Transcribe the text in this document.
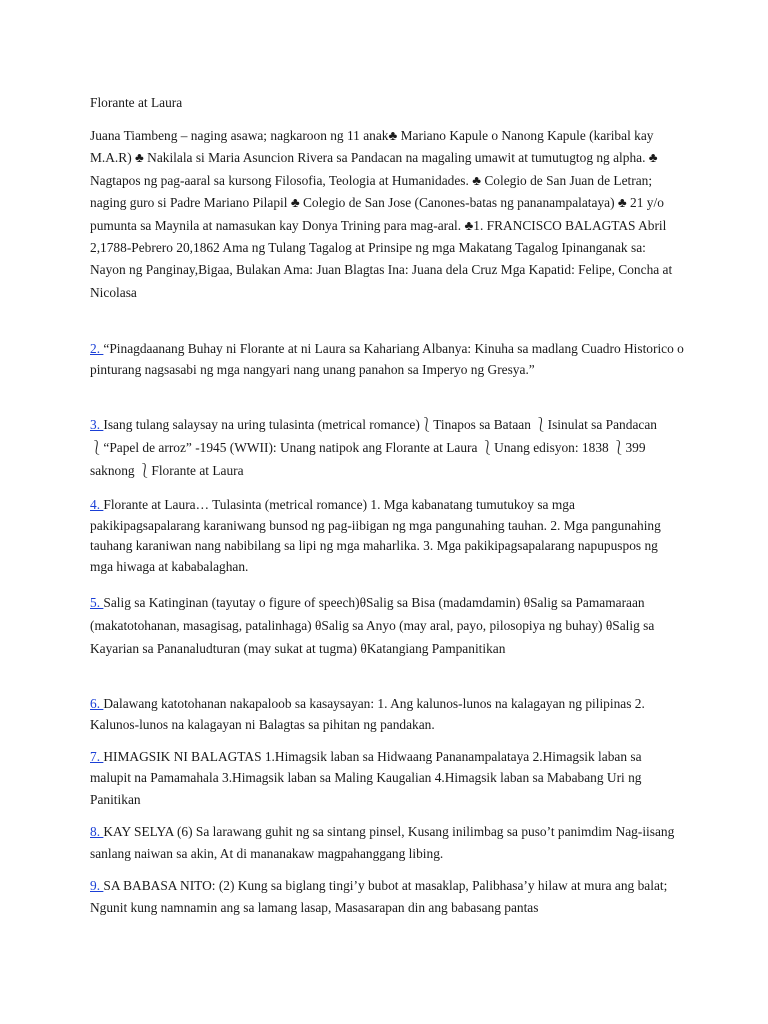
Florante at Laura

Juana Tiambeng – naging asawa; nagkaroon ng 11 anak♣ Mariano Kapule o Nanong Kapule (karibal kay M.A.R) ♣ Nakilala si Maria Asuncion Rivera sa Pandacan na magaling umawit at tumutugtog ng alpha. ♣ Nagtapos ng pag-aaral sa kursong Filosofia, Teologia at Humanidades. ♣ Colegio de San Juan de Letran; naging guro si Padre Mariano Pilapil ♣ Colegio de San Jose (Canones-batas ng pananampalataya) ♣ 21 y/o pumunta sa Maynila at namasukan kay Donya Trining para mag-aral. ♣1. FRANCISCO BALAGTAS Abril 2,1788-Pebrero 20,1862 Ama ng Tulang Tagalog at Prinsipe ng mga Makatang Tagalog Ipinanganak sa: Nayon ng Panginay,Bigaa, Bulakan Ama: Juan Blagtas Ina: Juana dela Cruz Mga Kapatid: Felipe, Concha at Nicolasa

2. “Pinagdaanang Buhay ni Florante at ni Laura sa Kahariang Albanya: Kinuha sa madlang Cuadro Historico o pinturang nagsasabi ng mga nangyari nang unang panahon sa Imperyo ng Gresya.”

3. Isang tulang salaysay na uring tulasinta (metrical romance)⎱Tinapos sa Bataan ⎱Isinulat sa Pandacan ⎱“Papel de arroz” -1945 (WWII): Unang natipok ang Florante at Laura ⎱Unang edisyon: 1838 ⎱399 saknong ⎱Florante at Laura

4. Florante at Laura… Tulasinta (metrical romance) 1. Mga kabanatang tumutukoy sa mga pakikipagsapalarang karaniwang bunsod ng pag-iibigan ng mga pangunahing tauhan. 2. Mga pangunahing tauhang karaniwan nang nabibilang sa lipi ng mga maharlika. 3. Mga pakikipagsapalarang napupuspos ng mga hiwaga at kababalaghan.

5. Salig sa Katinginan (tayutay o figure of speech)θSalig sa Bisa (madamdamin) θSalig sa Pamamaraan (makatotohanan, masagisag, patalinhaga) θSalig sa Anyo (may aral, payo, pilosopiya ng buhay) θSalig sa Kayarian sa Pananaludturan (may sukat at tugma) θKatangiang Pampanitikan

6. Dalawang katotohanan nakapaloob sa kasaysayan: 1. Ang kalunos-lunos na kalagayan ng pilipinas 2. Kalunos-lunos na kalagayan ni Balagtas sa pihitan ng pandakan.

7. HIMAGSIK NI BALAGTAS 1.Himagsik laban sa Hidwaang Pananampalataya 2.Himagsik laban sa malupit na Pamamahala 3.Himagsik laban sa Maling Kaugalian 4.Himagsik laban sa Mababang Uri ng Panitikan

8. KAY SELYA (6) Sa larawang guhit ng sa sintang pinsel, Kusang inilimbag sa puso’t panimdim Nag-iisang sanlang naiwan sa akin, At di mananakaw magpahanggang libing.

9. SA BABASA NITO: (2) Kung sa biglang tingi’y bubot at masaklap, Palibhasa’y hilaw at mura ang balat; Ngunit kung namnamin ang sa lamang lasap, Masasarapan din ang babasang pantas
